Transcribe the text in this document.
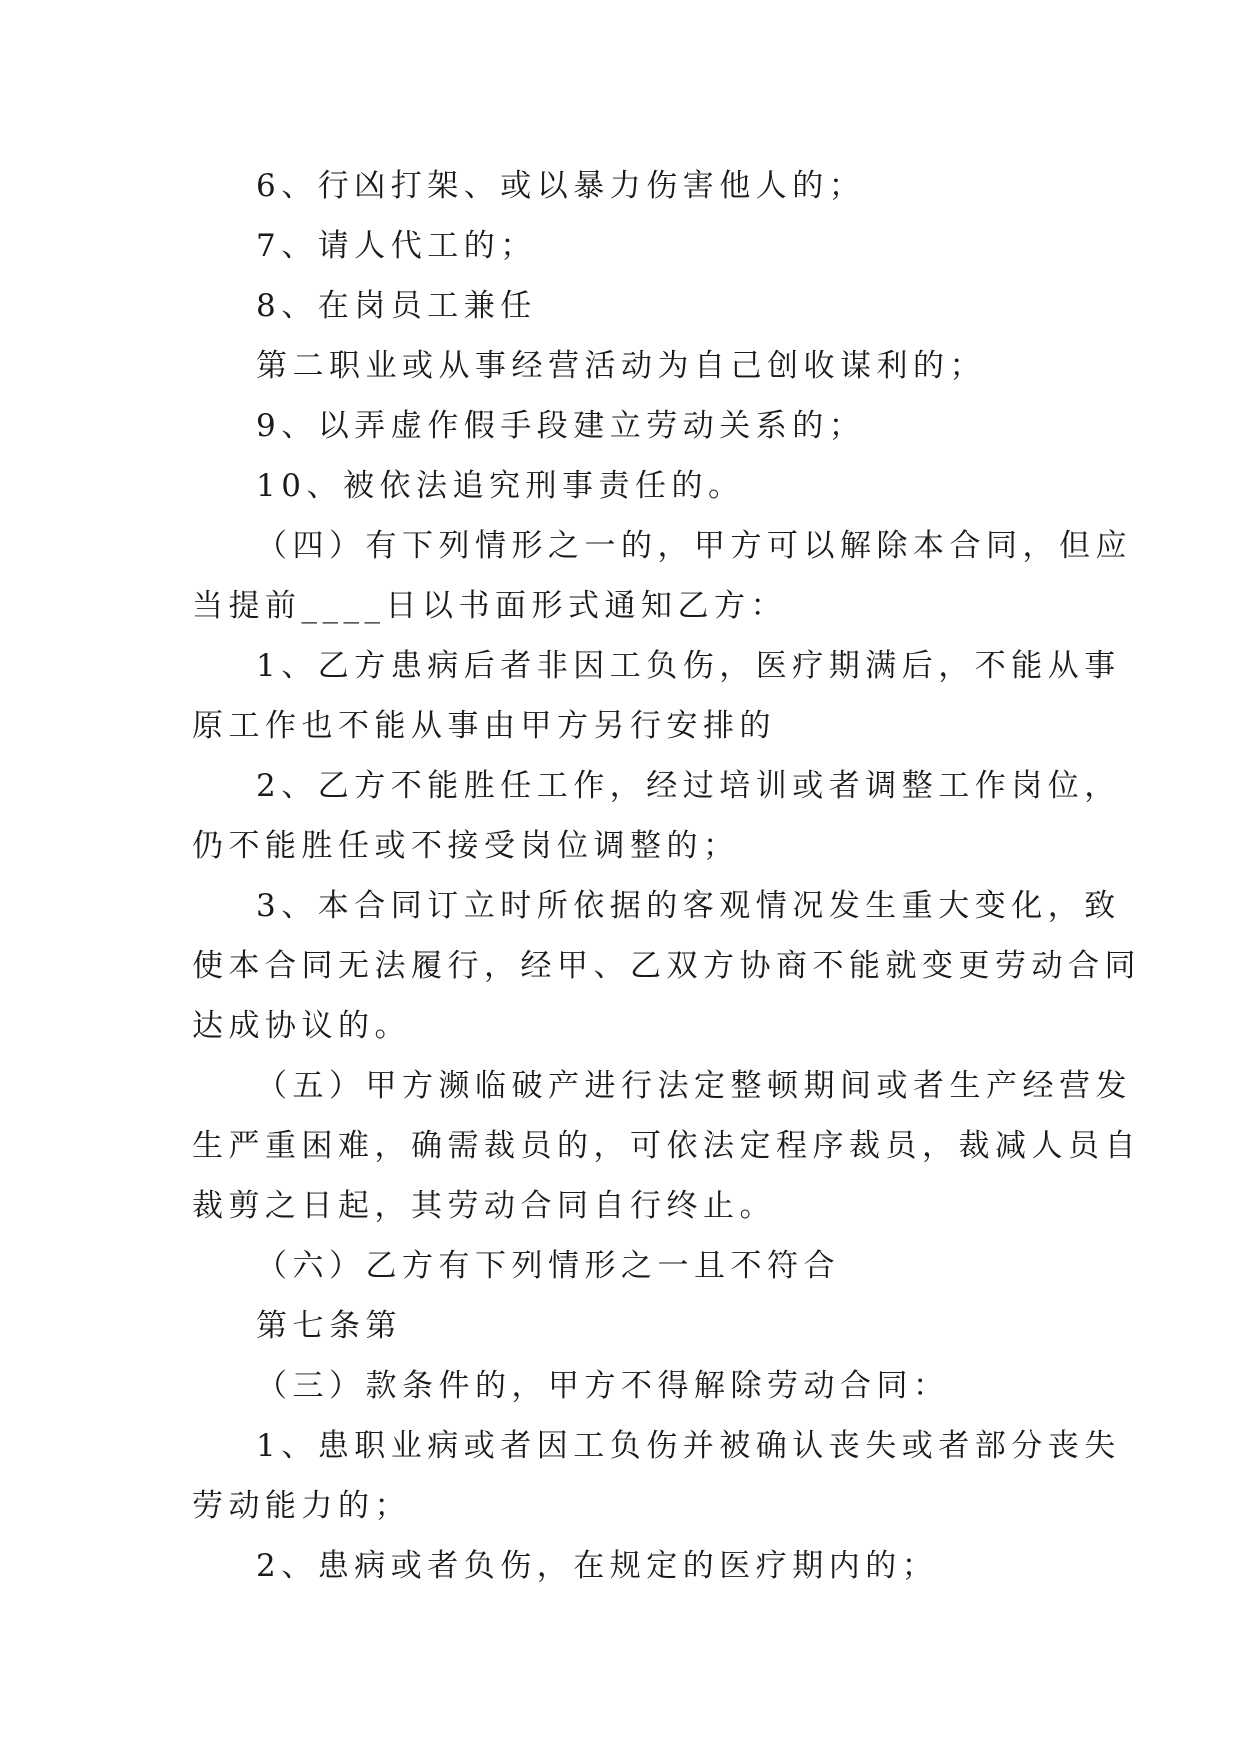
6、行凶打架、或以暴力伤害他人的；
7、请人代工的；
8、在岗员工兼任
第二职业或从事经营活动为自己创收谋利的；
9、以弄虚作假手段建立劳动关系的；
10、被依法追究刑事责任的。
（四）有下列情形之一的，甲方可以解除本合同，但应
当提前____日以书面形式通知乙方：
1、乙方患病后者非因工负伤，医疗期满后，不能从事
原工作也不能从事由甲方另行安排的
2、乙方不能胜任工作，经过培训或者调整工作岗位，
仍不能胜任或不接受岗位调整的；
3、本合同订立时所依据的客观情况发生重大变化，致
使本合同无法履行，经甲、乙双方协商不能就变更劳动合同
达成协议的。
（五）甲方濒临破产进行法定整顿期间或者生产经营发
生严重困难，确需裁员的，可依法定程序裁员，裁减人员自
裁剪之日起，其劳动合同自行终止。
（六）乙方有下列情形之一且不符合
第七条第
（三）款条件的，甲方不得解除劳动合同：
1、患职业病或者因工负伤并被确认丧失或者部分丧失
劳动能力的；
2、患病或者负伤，在规定的医疗期内的；
